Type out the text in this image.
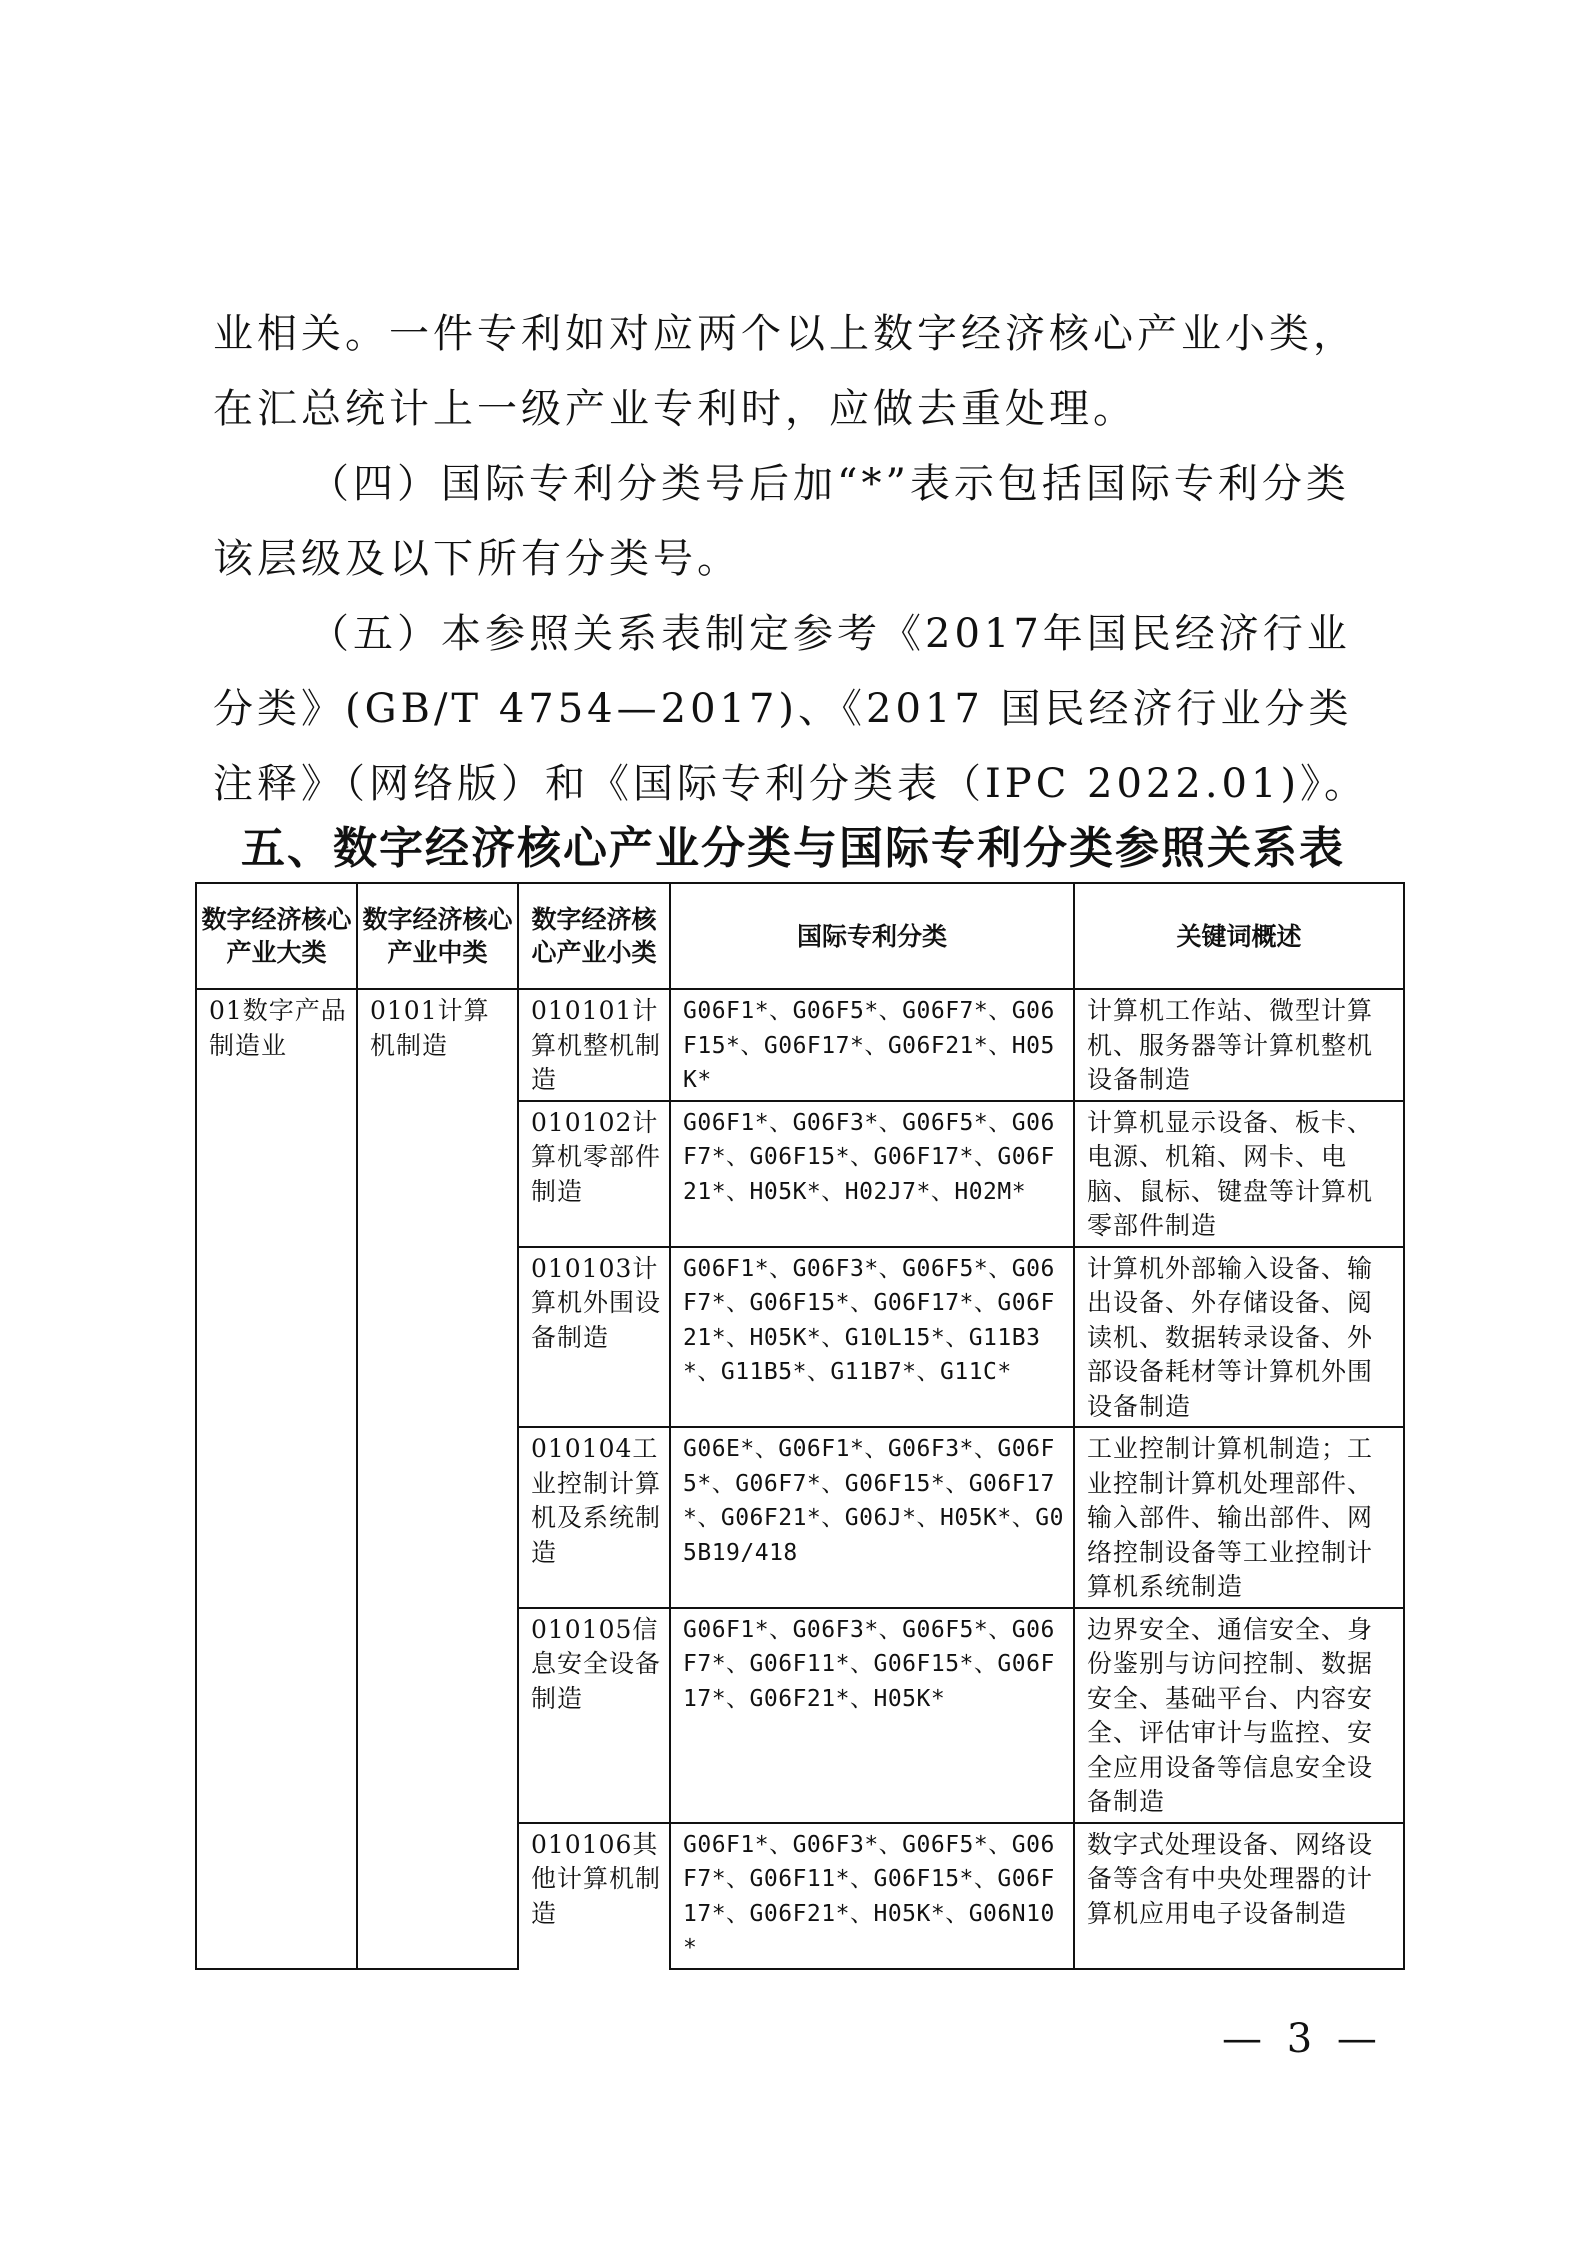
业相关。一件专利如对应两个以上数字经济核心产业小类，在汇总统计上一级产业专利时，应做去重处理。

（四）国际专利分类号后加“*”表示包括国际专利分类该层级及以下所有分类号。

（五）本参照关系表制定参考《2017年国民经济行业分类》(GB/T 4754—2017)、《2017 国民经济行业分类注释》（网络版）和《国际专利分类表（IPC 2022.01)》。

五、数字经济核心产业分类与国际专利分类参照关系表
数字经济核心产业大类	数字经济核心产业中类	数字经济核心产业小类	国际专利分类	关键词概述
01数字产品制造业	0101计算机制造	010101计算机整机制造	G06F1*、G06F5*、G06F7*、G06F15*、G06F17*、G06F21*、H05K*	计算机工作站、微型计算机、服务器等计算机整机设备制造
		010102计算机零部件制造	G06F1*、G06F3*、G06F5*、G06F7*、G06F15*、G06F17*、G06F21*、H05K*、H02J7*、H02M*	计算机显示设备、板卡、电源、机箱、网卡、电脑、鼠标、键盘等计算机零部件制造
		010103计算机外围设备制造	G06F1*、G06F3*、G06F5*、G06F7*、G06F15*、G06F17*、G06F21*、H05K*、G10L15*、G11B3*、G11B5*、G11B7*、G11C*	计算机外部输入设备、输出设备、外存储设备、阅读机、数据转录设备、外部设备耗材等计算机外围设备制造
		010104工业控制计算机及系统制造	G06E*、G06F1*、G06F3*、G06F5*、G06F7*、G06F15*、G06F17*、G06F21*、G06J*、H05K*、G05B19/418	工业控制计算机制造；工业控制计算机处理部件、输入部件、输出部件、网络控制设备等工业控制计算机系统制造
		010105信息安全设备制造	G06F1*、G06F3*、G06F5*、G06F7*、G06F11*、G06F15*、G06F17*、G06F21*、H05K*	边界安全、通信安全、身份鉴别与访问控制、数据安全、基础平台、内容安全、评估审计与监控、安全应用设备等信息安全设备制造
		010106其他计算机制造	G06F1*、G06F3*、G06F5*、G06F7*、G06F11*、G06F15*、G06F17*、G06F21*、H05K*、G06N10*	数字式处理设备、网络设备等含有中央处理器的计算机应用电子设备制造
— 3 —
